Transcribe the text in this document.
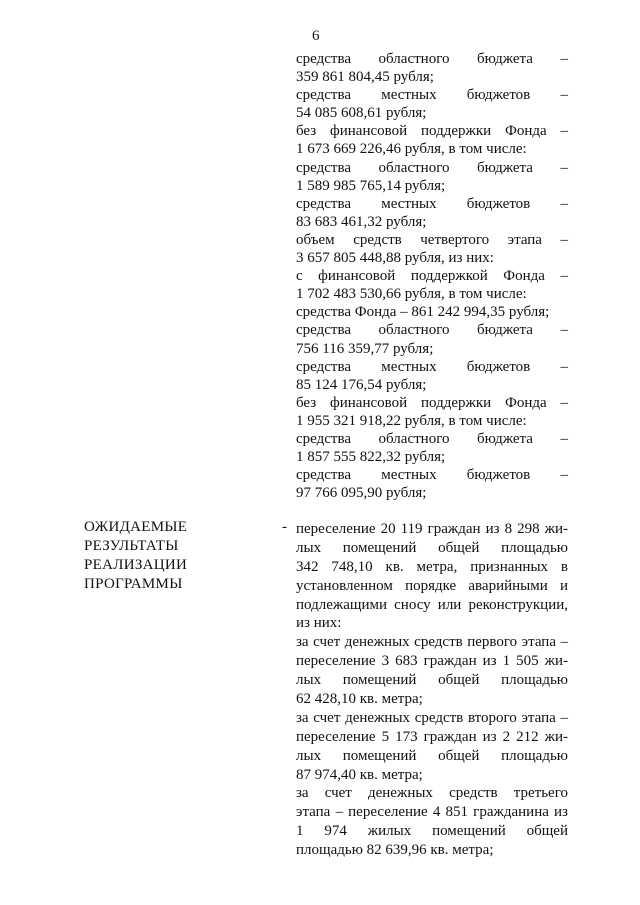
6
средства областного бюджета –
359 861 804,45 рубля;
средства местных бюджетов –
54 085 608,61 рубля;
без финансовой поддержки Фонда –
1 673 669 226,46 рубля, в том числе:
средства областного бюджета –
1 589 985 765,14 рубля;
средства местных бюджетов –
83 683 461,32 рубля;
объем средств четвертого этапа –
3 657 805 448,88 рубля, из них:
с финансовой поддержкой Фонда –
1 702 483 530,66 рубля, в том числе:
средства Фонда – 861 242 994,35 рубля;
средства областного бюджета –
756 116 359,77 рубля;
средства местных бюджетов –
85 124 176,54 рубля;
без финансовой поддержки Фонда –
1 955 321 918,22 рубля, в том числе:
средства областного бюджета –
1 857 555 822,32 рубля;
средства местных бюджетов –
97 766 095,90 рубля;
ОЖИДАЕМЫЕ
РЕЗУЛЬТАТЫ
РЕАЛИЗАЦИИ
ПРОГРАММЫ
- переселение 20 119 граждан из 8 298 жи-
лых помещений общей площадью
342 748,10 кв. метра, признанных в
установленном порядке аварийными и
подлежащими сносу или реконструкции,
из них:
за счет денежных средств первого этапа –
переселение 3 683 граждан из 1 505 жи-
лых помещений общей площадью
62 428,10 кв. метра;
за счет денежных средств второго этапа –
переселение 5 173 граждан из 2 212 жи-
лых помещений общей площадью
87 974,40 кв. метра;
за счет денежных средств третьего
этапа – переселение 4 851 гражданина из
1 974 жилых помещений общей
площадью 82 639,96 кв. метра;
